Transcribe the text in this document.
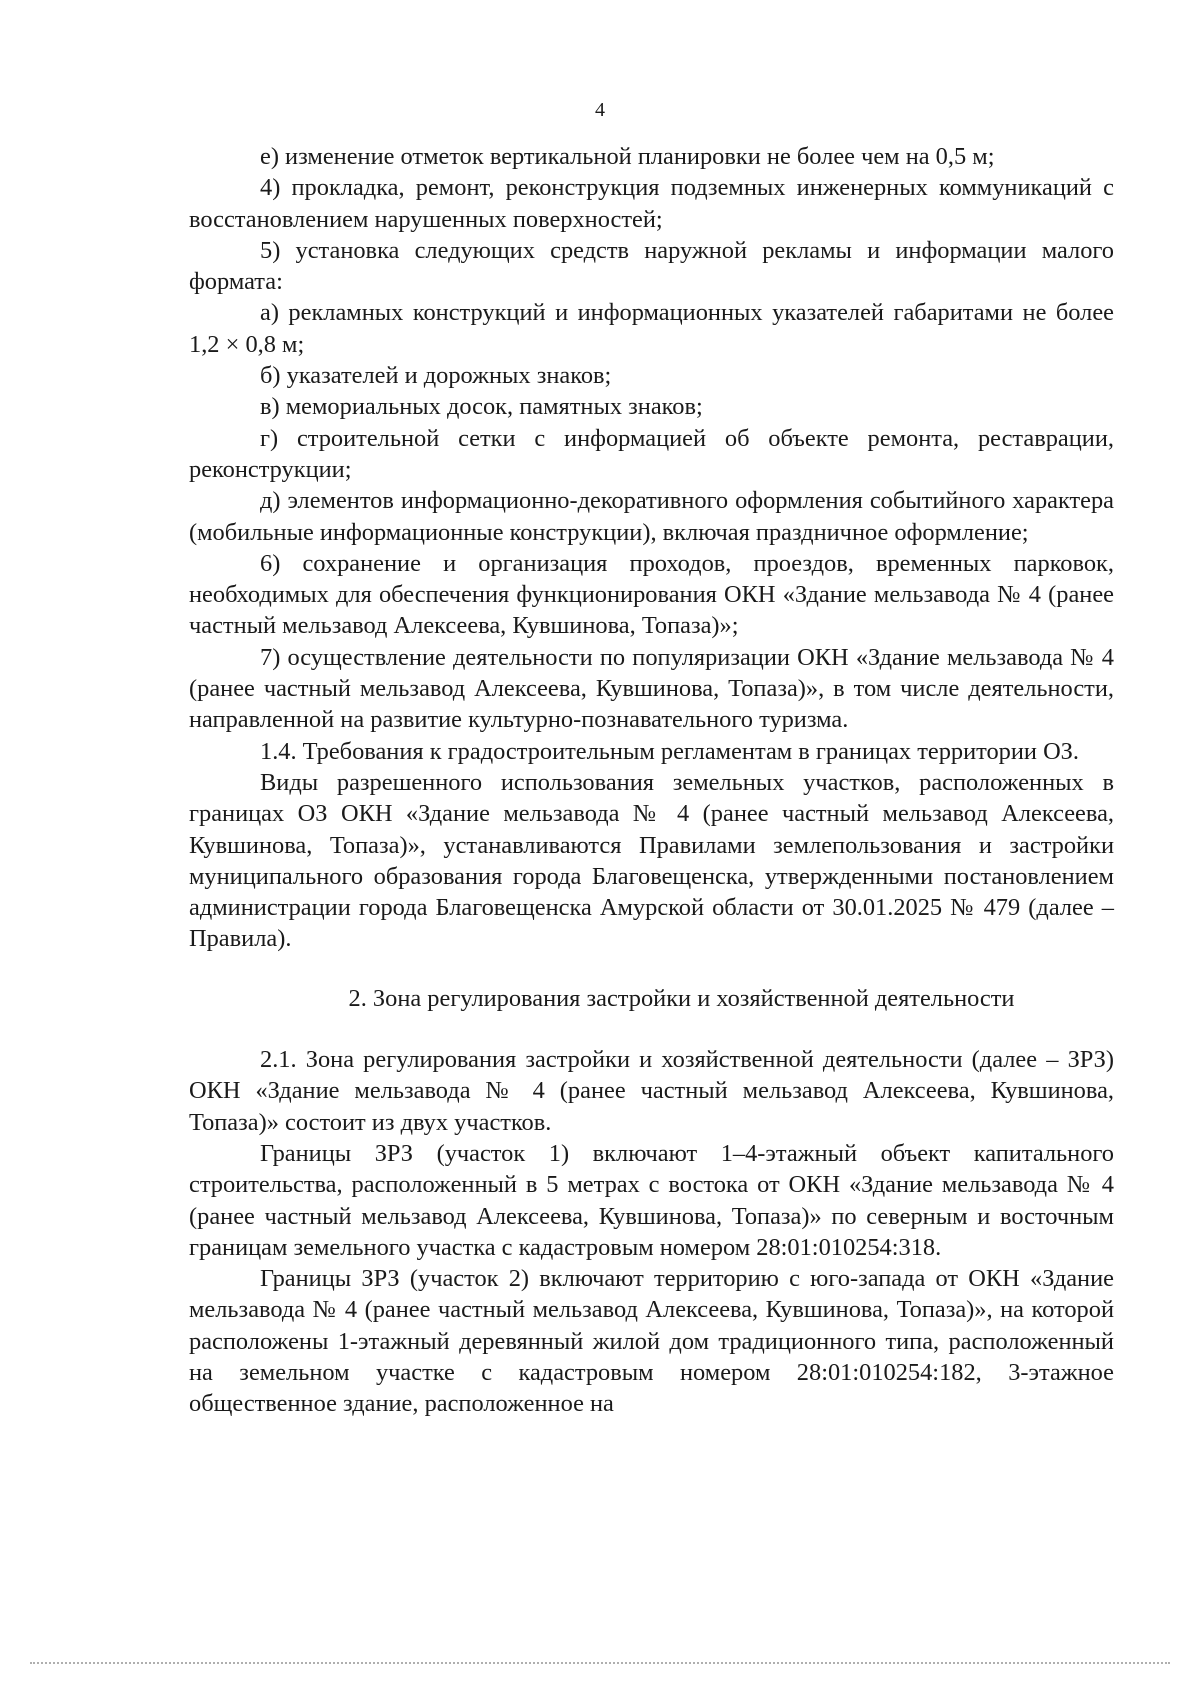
4

е) изменение отметок вертикальной планировки не более чем на 0,5 м;

4) прокладка, ремонт, реконструкция подземных инженерных коммуникаций с восстановлением нарушенных поверхностей;

5) установка следующих средств наружной рекламы и информации малого формата:

а) рекламных конструкций и информационных указателей габаритами не более 1,2 × 0,8 м;

б) указателей и дорожных знаков;

в) мемориальных досок, памятных знаков;

г) строительной сетки с информацией об объекте ремонта, реставрации, реконструкции;

д) элементов информационно-декоративного оформления событийного характера (мобильные информационные конструкции), включая праздничное оформление;

6) сохранение и организация проходов, проездов, временных парковок, необходимых для обеспечения функционирования ОКН «Здание мельзавода № 4 (ранее частный мельзавод Алексеева, Кувшинова, Топаза)»;

7) осуществление деятельности по популяризации ОКН «Здание мельзавода № 4 (ранее частный мельзавод Алексеева, Кувшинова, Топаза)», в том числе деятельности, направленной на развитие культурно-познавательного туризма.

1.4. Требования к градостроительным регламентам в границах территории ОЗ.

Виды разрешенного использования земельных участков, расположенных в границах ОЗ ОКН «Здание мельзавода № 4 (ранее частный мельзавод Алексеева, Кувшинова, Топаза)», устанавливаются Правилами землепользования и застройки муниципального образования города Благовещенска, утвержденными постановлением администрации города Благовещенска Амурской области от 30.01.2025 № 479 (далее – Правила).

2. Зона регулирования застройки и хозяйственной деятельности

2.1. Зона регулирования застройки и хозяйственной деятельности (далее – ЗРЗ) ОКН «Здание мельзавода № 4 (ранее частный мельзавод Алексеева, Кувшинова, Топаза)» состоит из двух участков.

Границы ЗРЗ (участок 1) включают 1–4-этажный объект капитального строительства, расположенный в 5 метрах с востока от ОКН «Здание мельзавода № 4 (ранее частный мельзавод Алексеева, Кувшинова, Топаза)» по северным и восточным границам земельного участка с кадастровым номером 28:01:010254:318.

Границы ЗРЗ (участок 2) включают территорию с юго-запада от ОКН «Здание мельзавода № 4 (ранее частный мельзавод Алексеева, Кувшинова, Топаза)», на которой расположены 1-этажный деревянный жилой дом традиционного типа, расположенный на земельном участке с кадастровым номером 28:01:010254:182, 3-этажное общественное здание, расположенное на
